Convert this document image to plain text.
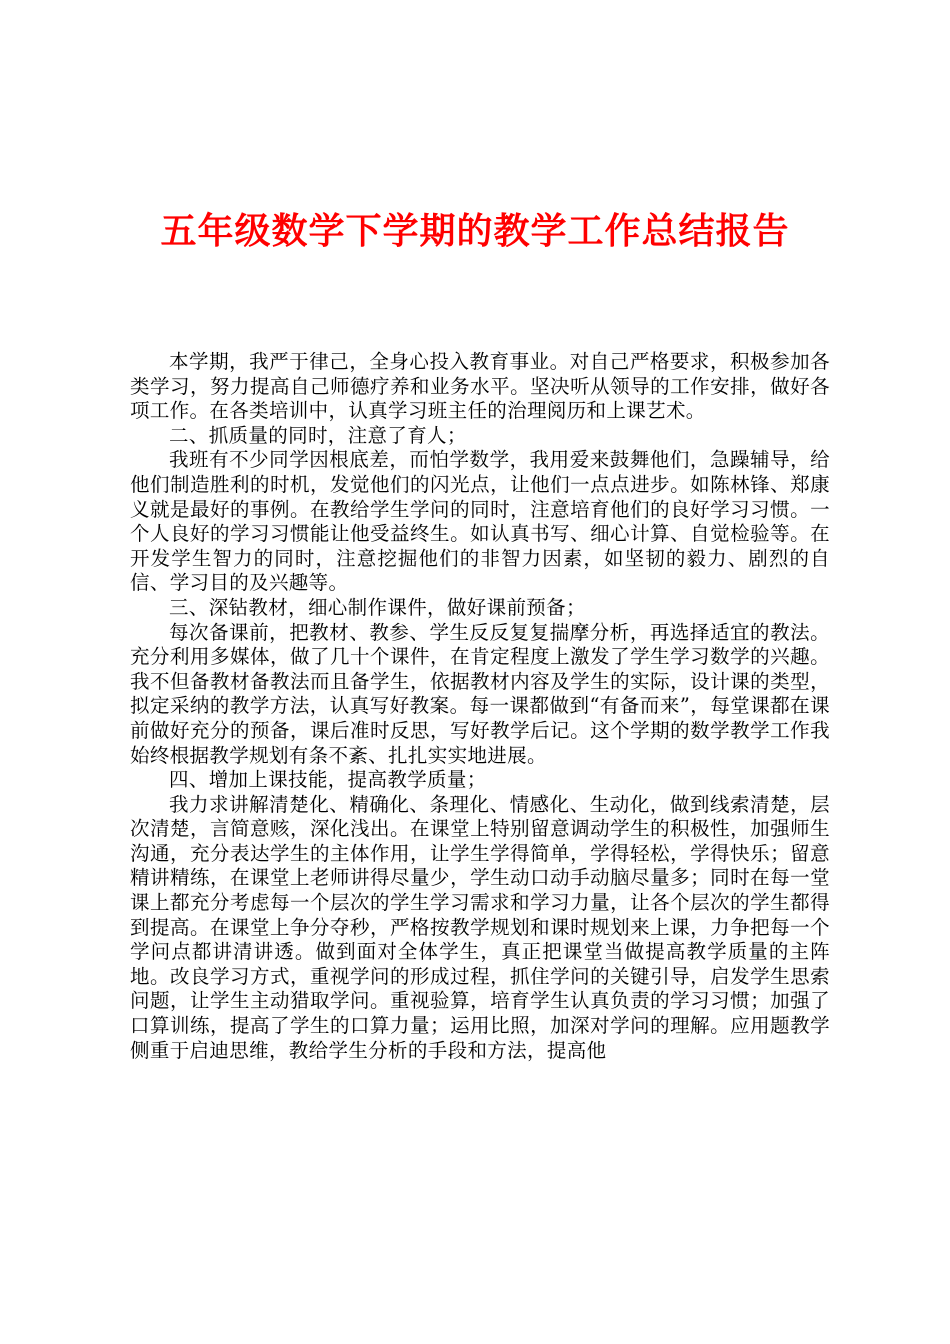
五年级数学下学期的教学工作总结报告

本学期，我严于律己，全身心投入教育事业。对自己严格要求，积极参加各类学习，努力提高自己师德疗养和业务水平。坚决听从领导的工作安排，做好各项工作。在各类培训中，认真学习班主任的治理阅历和上课艺术。

二、抓质量的同时，注意了育人；

我班有不少同学因根底差，而怕学数学，我用爱来鼓舞他们，急躁辅导，给他们制造胜利的时机，发觉他们的闪光点，让他们一点点进步。如陈林锋、郑康义就是最好的事例。在教给学生学问的同时，注意培育他们的良好学习习惯。一个人良好的学习习惯能让他受益终生。如认真书写、细心计算、自觉检验等。在开发学生智力的同时，注意挖掘他们的非智力因素，如坚韧的毅力、剧烈的自信、学习目的及兴趣等。

三、深钻教材，细心制作课件，做好课前预备；

每次备课前，把教材、教参、学生反反复复揣摩分析，再选择适宜的教法。充分利用多媒体，做了几十个课件，在肯定程度上激发了学生学习数学的兴趣。我不但备教材备教法而且备学生，依据教材内容及学生的实际，设计课的类型，拟定采纳的教学方法，认真写好教案。每一课都做到“有备而来”，每堂课都在课前做好充分的预备，课后准时反思，写好教学后记。这个学期的数学教学工作我始终根据教学规划有条不紊、扎扎实实地进展。

四、增加上课技能，提高教学质量；

我力求讲解清楚化、精确化、条理化、情感化、生动化，做到线索清楚，层次清楚，言简意赅，深化浅出。在课堂上特别留意调动学生的积极性，加强师生沟通，充分表达学生的主体作用，让学生学得简单，学得轻松，学得快乐；留意精讲精练，在课堂上老师讲得尽量少，学生动口动手动脑尽量多；同时在每一堂课上都充分考虑每一个层次的学生学习需求和学习力量，让各个层次的学生都得到提高。在课堂上争分夺秒，严格按教学规划和课时规划来上课，力争把每一个学问点都讲清讲透。做到面对全体学生，真正把课堂当做提高教学质量的主阵地。改良学习方式，重视学问的形成过程，抓住学问的关键引导，启发学生思索问题，让学生主动猎取学问。重视验算，培育学生认真负责的学习习惯；加强了口算训练，提高了学生的口算力量；运用比照，加深对学问的理解。应用题教学侧重于启迪思维，教给学生分析的手段和方法，提高他
